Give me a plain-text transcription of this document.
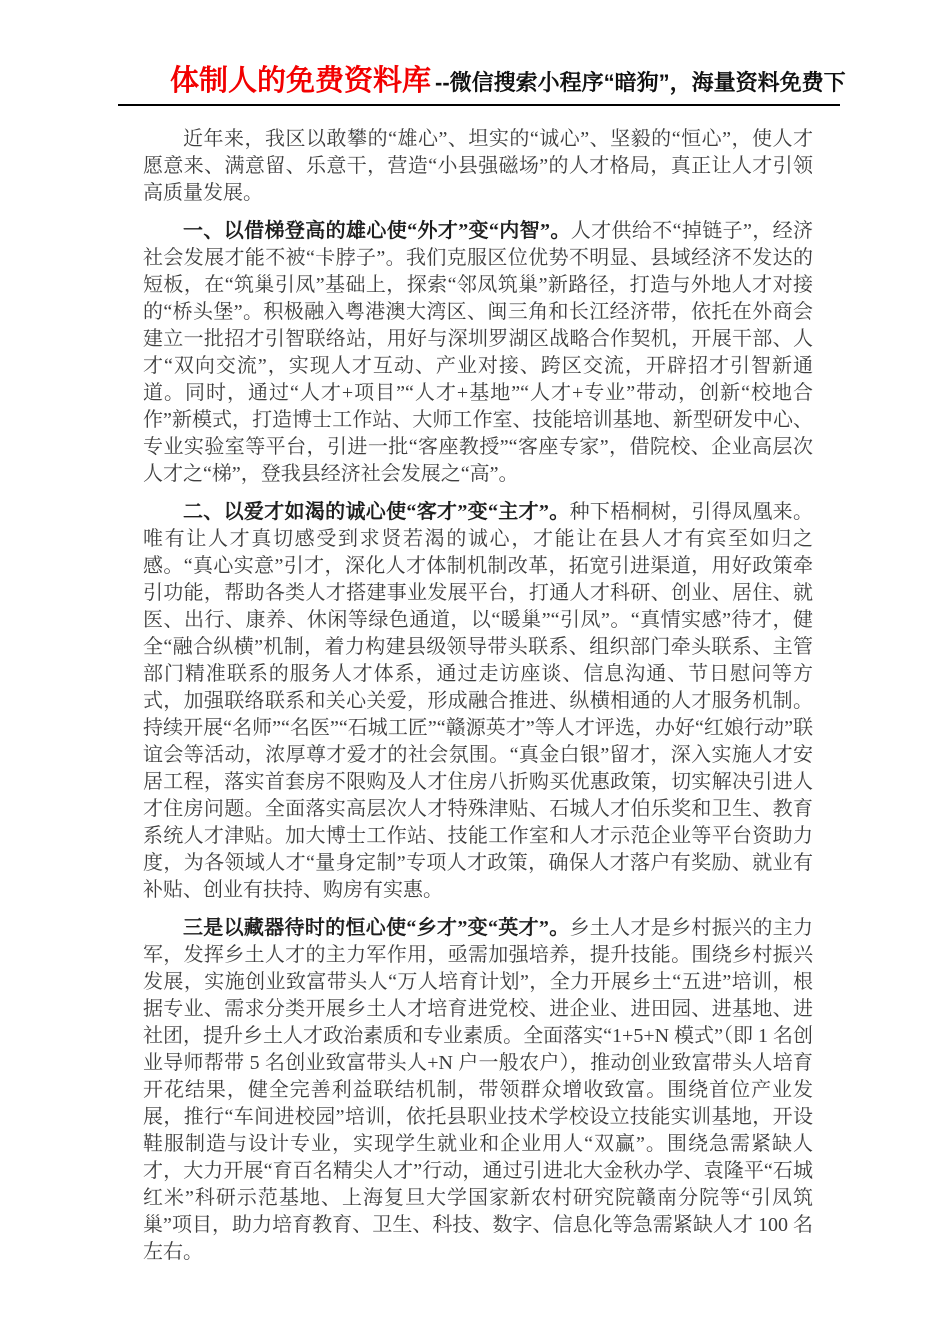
体制人的免费资料库 --微信搜索小程序“暗狗”，海量资料免费下

近年来，我区以敢攀的“雄心”、坦实的“诚心”、坚毅的“恒心”，使人才愿意来、满意留、乐意干，营造“小县强磁场”的人才格局，真正让人才引领高质量发展。

一、以借梯登高的雄心使“外才”变“内智”。人才供给不“掉链子”，经济社会发展才能不被“卡脖子”。我们克服区位优势不明显、县域经济不发达的短板，在“筑巢引凤”基础上，探索“邻凤筑巢”新路径，打造与外地人才对接的“桥头堡”。积极融入粤港澳大湾区、闽三角和长江经济带，依托在外商会建立一批招才引智联络站，用好与深圳罗湖区战略合作契机，开展干部、人才“双向交流”，实现人才互动、产业对接、跨区交流，开辟招才引智新通道。同时，通过“人才+项目”“人才+基地”“人才+专业”带动，创新“校地合作”新模式，打造博士工作站、大师工作室、技能培训基地、新型研发中心、专业实验室等平台，引进一批“客座教授”“客座专家”，借院校、企业高层次人才之“梯”，登我县经济社会发展之“高”。

二、以爱才如渴的诚心使“客才”变“主才”。种下梧桐树，引得凤凰来。唯有让人才真切感受到求贤若渴的诚心，才能让在县人才有宾至如归之感。“真心实意”引才，深化人才体制机制改革，拓宽引进渠道，用好政策牵引功能，帮助各类人才搭建事业发展平台，打通人才科研、创业、居住、就医、出行、康养、休闲等绿色通道，以“暖巢”“引凤”。“真情实感”待才，健全“融合纵横”机制，着力构建县级领导带头联系、组织部门牵头联系、主管部门精准联系的服务人才体系，通过走访座谈、信息沟通、节日慰问等方式，加强联络联系和关心关爱，形成融合推进、纵横相通的人才服务机制。持续开展“名师”“名医”“石城工匠”“赣源英才”等人才评选，办好“红娘行动”联谊会等活动，浓厚尊才爱才的社会氛围。“真金白银”留才，深入实施人才安居工程，落实首套房不限购及人才住房八折购买优惠政策，切实解决引进人才住房问题。全面落实高层次人才特殊津贴、石城人才伯乐奖和卫生、教育系统人才津贴。加大博士工作站、技能工作室和人才示范企业等平台资助力度，为各领域人才“量身定制”专项人才政策，确保人才落户有奖励、就业有补贴、创业有扶持、购房有实惠。

三是以藏器待时的恒心使“乡才”变“英才”。乡土人才是乡村振兴的主力军，发挥乡土人才的主力军作用，亟需加强培养，提升技能。围绕乡村振兴发展，实施创业致富带头人“万人培育计划”，全力开展乡土“五进”培训，根据专业、需求分类开展乡土人才培育进党校、进企业、进田园、进基地、进社团，提升乡土人才政治素质和专业素质。全面落实“1+5+N 模式”（即 1 名创业导师帮带 5 名创业致富带头人+N 户一般农户），推动创业致富带头人培育开花结果，健全完善利益联结机制，带领群众增收致富。围绕首位产业发展，推行“车间进校园”培训，依托县职业技术学校设立技能实训基地，开设鞋服制造与设计专业，实现学生就业和企业用人“双赢”。围绕急需紧缺人才，大力开展“育百名精尖人才”行动，通过引进北大金秋办学、袁隆平“石城红米”科研示范基地、上海复旦大学国家新农村研究院赣南分院等“引凤筑巢”项目，助力培育教育、卫生、科技、数字、信息化等急需紧缺人才 100 名左右。
